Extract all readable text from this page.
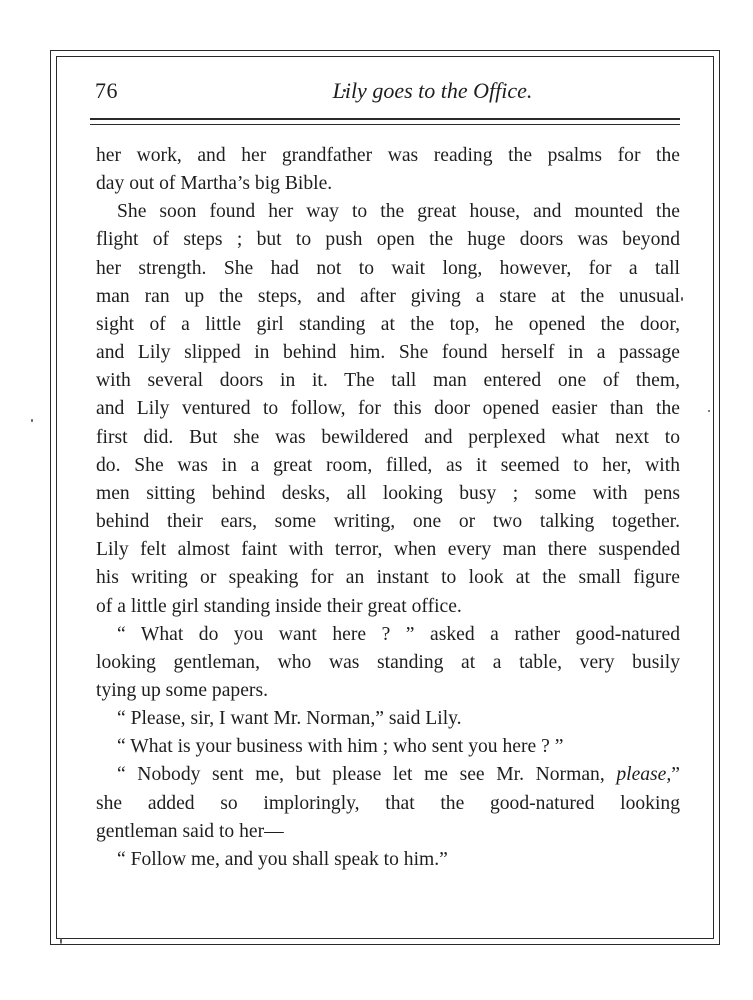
76	Lily goes to the Office.
her work, and her grandfather was reading the psalms for the
day out of Martha’s big Bible.
She soon found her way to the great house, and mounted the
flight of steps ; but to push open the huge doors was beyond
her strength. She had not to wait long, however, for a tall
man ran up the steps, and after giving a stare at the unusual
sight of a little girl standing at the top, he opened the door,
and Lily slipped in behind him. She found herself in a passage
with several doors in it. The tall man entered one of them,
and Lily ventured to follow, for this door opened easier than the
first did. But she was bewildered and perplexed what next to
do. She was in a great room, filled, as it seemed to her, with
men sitting behind desks, all looking busy ; some with pens
behind their ears, some writing, one or two talking together.
Lily felt almost faint with terror, when every man there suspended
his writing or speaking for an instant to look at the small figure
of a little girl standing inside their great office.
“ What do you want here ? ” asked a rather good-natured
looking gentleman, who was standing at a table, very busily
tying up some papers.
“ Please, sir, I want Mr. Norman,” said Lily.
“ What is your business with him ; who sent you here ? ”
“ Nobody sent me, but please let me see Mr. Norman, please,”
she added so imploringly, that the good-natured looking
gentleman said to her—
“ Follow me, and you shall speak to him.”
